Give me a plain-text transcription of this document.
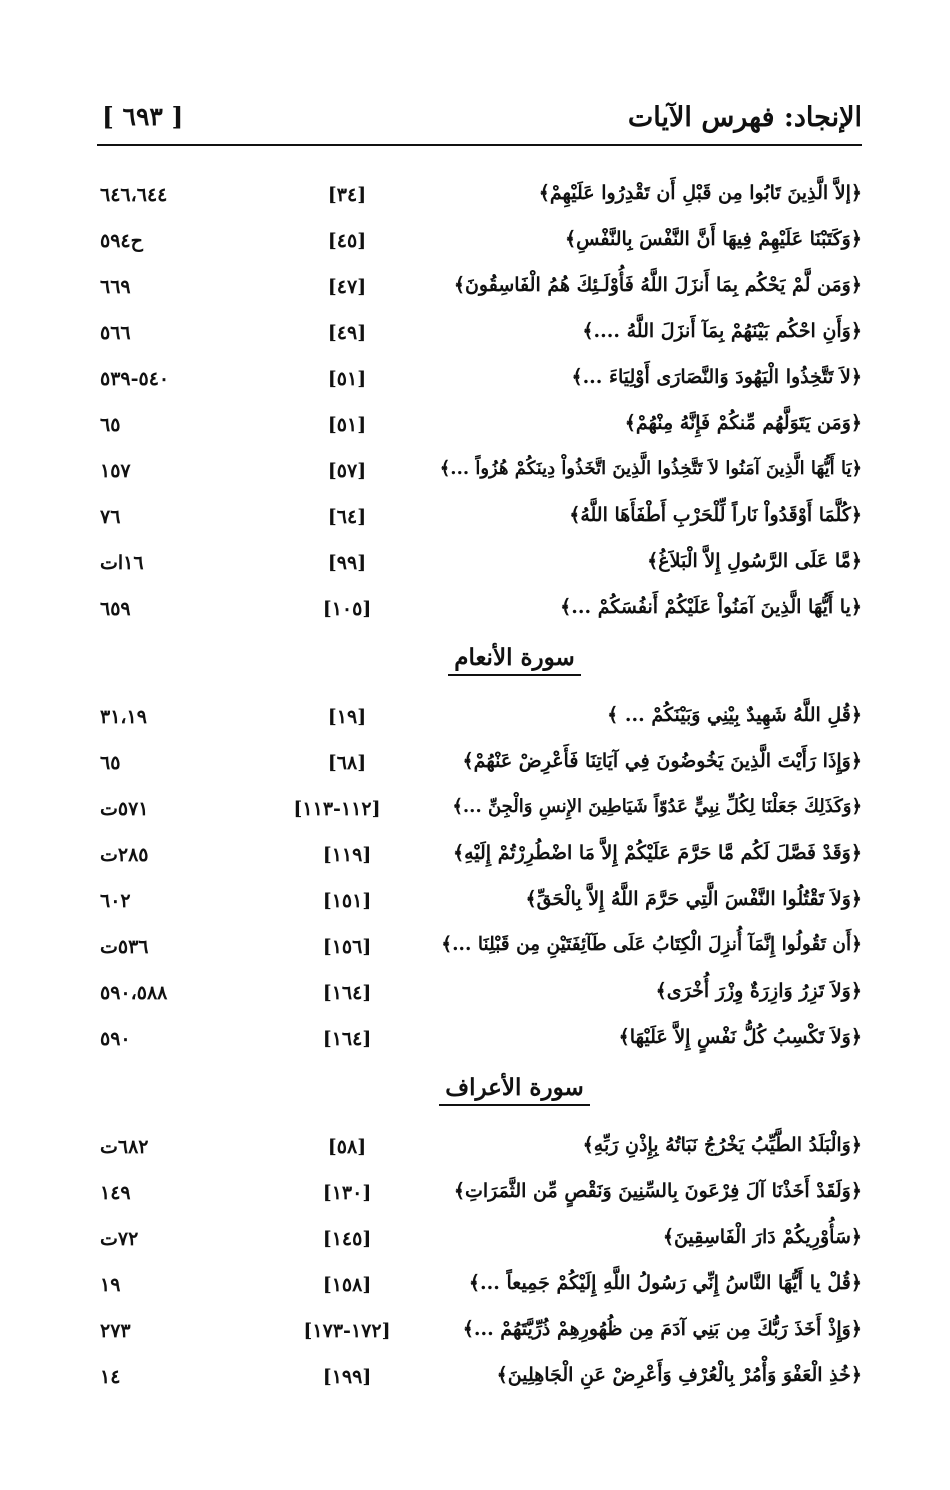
الإنجاد: فهرس الآيات
[ ٦٩٣ ]
﴿إلاَّ الَّذِينَ تَابُوا مِن قَبْلِ أَن تَقْدِرُوا عَلَيْهِمْ﴾
[٣٤]
٦٤٦،٦٤٤
﴿وَكَتَبْنَا عَلَيْهِمْ فِيهَا أَنَّ النَّفْسَ بِالنَّفْسِ﴾
[٤٥]
ح٥٩٤
﴿وَمَن لَّمْ يَحْكُم بِمَا أَنزَلَ اللَّهُ فَأُوْلَـئِكَ هُمُ الْفَاسِقُونَ﴾
[٤٧]
٦٦٩
﴿وَأَنِ احْكُم بَيْنَهُمْ بِمَآ أَنزَلَ اللَّهُ ....﴾
[٤٩]
٥٦٦
﴿لاَ تَتَّخِذُوا الْيَهُودَ وَالنَّصَارَى أَوْلِيَاءَ ...﴾
[٥١]
٥٤٠-٥٣٩
﴿وَمَن يَتَوَلَّهُم مِّنكُمْ فَإِنَّهُ مِنْهُمْ﴾
[٥١]
٦٥
﴿يَا أَيُّهَا الَّذِينَ آمَنُوا لاَ تَتَّخِذُوا الَّذِينَ اتَّخَذُواْ دِينَكُمْ هُزُواً ...﴾
[٥٧]
١٥٧
﴿كُلَّمَا أَوْقَدُواْ نَاراً لِّلْحَرْبِ أَطْفَأَهَا اللَّهُ﴾
[٦٤]
٧٦
﴿مَّا عَلَى الرَّسُولِ إِلاَّ الْبَلاَغُ﴾
[٩٩]
١٦ات
﴿يا أَيُّهَا الَّذِينَ آمَنُواْ عَلَيْكُمْ أَنفُسَكُمْ ...﴾
[١٠٥]
٦٥٩
سورة الأنعام
﴿قُلِ اللَّهُ شَهِيدٌ بِيْنِي وَبَيْنَكُمْ ... ﴾
[١٩]
٣١،١٩
﴿وَإِذَا رَأَيْتَ الَّذِينَ يَخُوضُونَ فِي آيَاتِنَا فَأَعْرِضْ عَنْهُمْ﴾
[٦٨]
٦٥
﴿وَكَذَلِكَ جَعَلْنَا لِكُلِّ نِبِيٍّ عَدُوّاً شَيَاطِينَ الإِنسِ وَالْجِنِّ ...﴾
[١١٢-١١٣]
٥٧١ت
﴿وَقَدْ فَصَّلَ لَكُم مَّا حَرَّمَ عَلَيْكُمْ إِلاَّ مَا اضْطُرِرْتُمْ إِلَيْهِ﴾
[١١٩]
٢٨٥ت
﴿وَلاَ تَقْتُلُوا النَّفْسَ الَّتِي حَرَّمَ اللَّهُ إِلاَّ بِالْحَقِّ﴾
[١٥١]
٦٠٢
﴿أَن تَقُولُوا إِنَّمَآ أُنزِلَ الْكِتَابُ عَلَى طَآئِفَتَيْنِ مِن قَبْلِنَا ...﴾
[١٥٦]
٥٣٦ت
﴿وَلاَ تَزِرُ وَازِرَةٌ وِزْرَ أُخْرَى﴾
[١٦٤]
٥٩٠،٥٨٨
﴿وَلاَ تَكْسِبُ كُلُّ نَفْسٍ إِلاَّ عَلَيْهَا﴾
[١٦٤]
٥٩٠
سورة الأعراف
﴿وَالْبَلَدُ الطَّيِّبُ يَخْرُجُ نَبَاتُهُ بِإِذْنِ رَبِّهِ﴾
[٥٨]
٦٨٢ت
﴿وَلَقَدْ أَخَذْنَا آلَ فِرْعَونَ بِالسِّنِينَ وَنَقْصٍ مِّن الثَّمَرَاتِ﴾
[١٣٠]
١٤٩
﴿سَأُوْرِيكُمْ دَارَ الْفَاسِقِينَ﴾
[١٤٥]
٧٢ت
﴿قُلْ يا أَيُّهَا النَّاسُ إِنِّي رَسُولُ اللَّهِ إِلَيْكُمْ جَمِيعاً ...﴾
[١٥٨]
١٩
﴿وَإِذْ أَخَذَ رَبُّكَ مِن بَنِي آدَمَ مِن ظُهُورِهِمْ ذُرِّيَّتَهُمْ ...﴾
[١٧٢-١٧٣]
٢٧٣
﴿خُذِ الْعَفْوَ وَأْمُرْ بِالْعُرْفِ وَأَعْرِضْ عَنِ الْجَاهِلِينَ﴾
[١٩٩]
١٤
